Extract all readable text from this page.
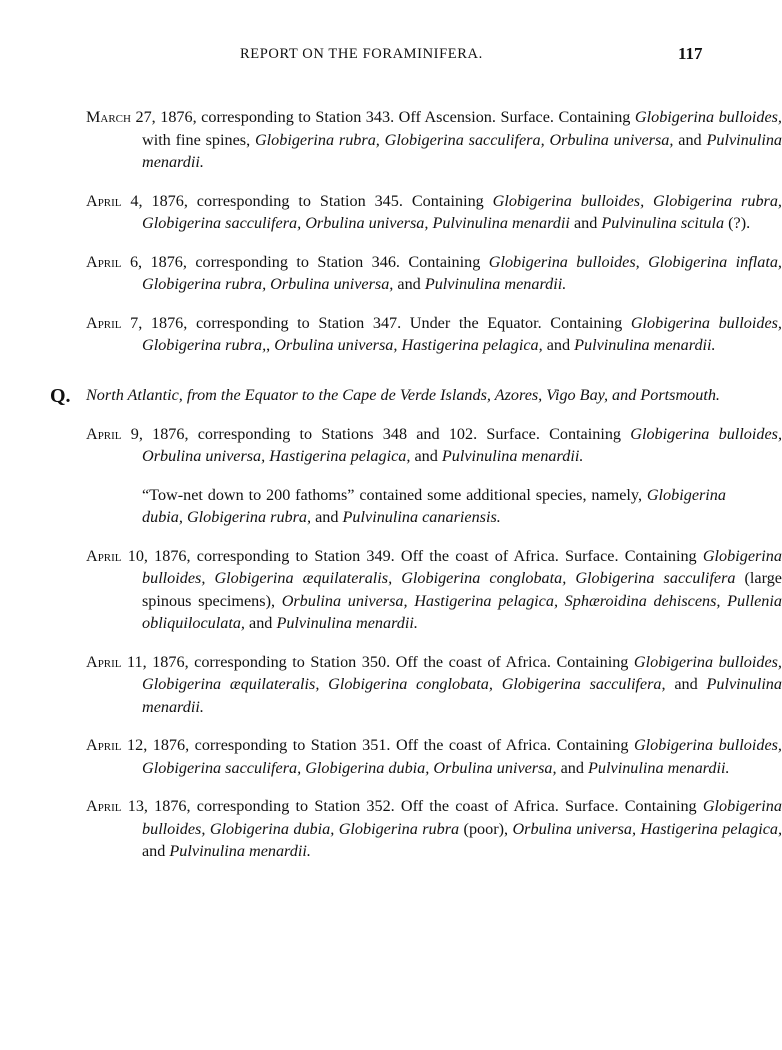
REPORT ON THE FORAMINIFERA.	117

March 27, 1876, corresponding to Station 343. Off Ascension. Surface. Containing Globigerina bulloides, with fine spines, Globigerina rubra, Globigerina sacculifera, Orbulina universa, and Pulvinulina menardii.

April 4, 1876, corresponding to Station 345. Containing Globigerina bulloides, Globigerina rubra, Globigerina sacculifera, Orbulina universa, Pulvinulina menardii and Pulvinulina scitula (?).

April 6, 1876, corresponding to Station 346. Containing Globigerina bulloides, Globigerina inflata, Globigerina rubra, Orbulina universa, and Pulvinulina menardii.

April 7, 1876, corresponding to Station 347. Under the Equator. Containing Globigerina bulloides, Globigerina rubra,, Orbulina universa, Hastigerina pelagica, and Pulvinulina menardii.

Q. North Atlantic, from the Equator to the Cape de Verde Islands, Azores, Vigo Bay, and Portsmouth.

April 9, 1876, corresponding to Stations 348 and 102. Surface. Containing Globigerina bulloides, Orbulina universa, Hastigerina pelagica, and Pulvinulina menardii.

“Tow-net down to 200 fathoms” contained some additional species, namely, Globigerina dubia, Globigerina rubra, and Pulvinulina canariensis.

April 10, 1876, corresponding to Station 349. Off the coast of Africa. Surface. Containing Globigerina bulloides, Globigerina æquilateralis, Globigerina conglobata, Globigerina sacculifera (large spinous specimens), Orbulina universa, Hastigerina pelagica, Sphæroidina dehiscens, Pullenia obliquiloculata, and Pulvinulina menardii.

April 11, 1876, corresponding to Station 350. Off the coast of Africa. Containing Globigerina bulloides, Globigerina æquilateralis, Globigerina conglobata, Globigerina sacculifera, and Pulvinulina menardii.

April 12, 1876, corresponding to Station 351. Off the coast of Africa. Containing Globigerina bulloides, Globigerina sacculifera, Globigerina dubia, Orbulina universa, and Pulvinulina menardii.

April 13, 1876, corresponding to Station 352. Off the coast of Africa. Surface. Containing Globigerina bulloides, Globigerina dubia, Globigerina rubra (poor), Orbulina universa, Hastigerina pelagica, and Pulvinulina menardii.
